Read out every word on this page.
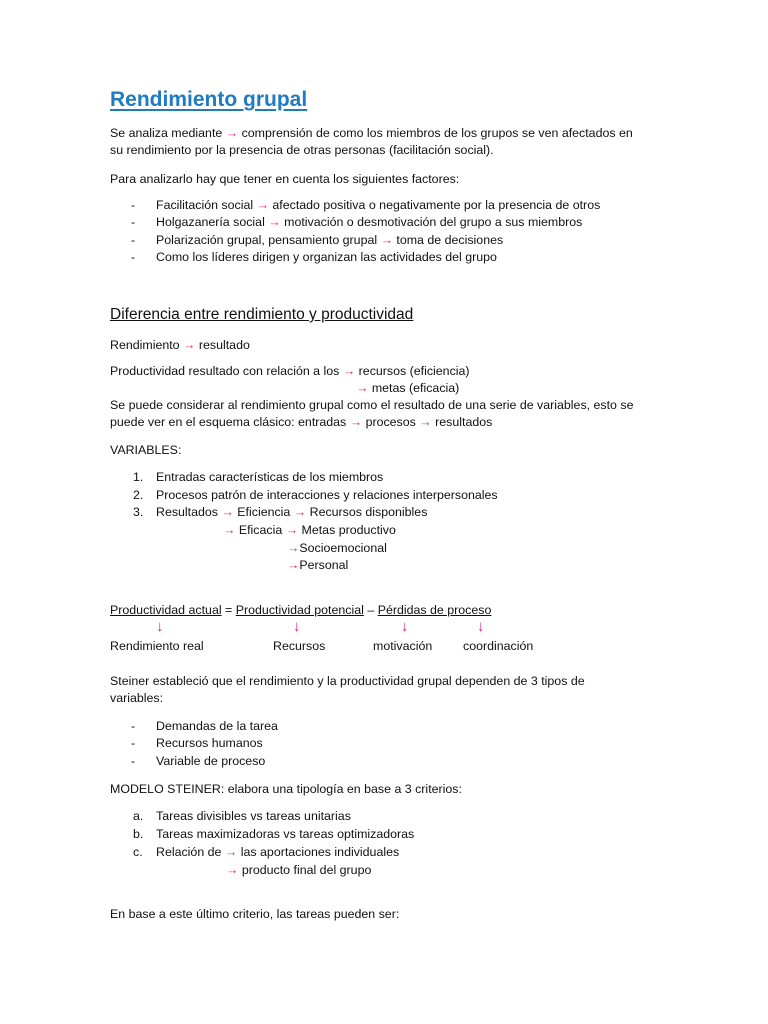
Rendimiento grupal
Se analiza mediante → comprensión de como los miembros de los grupos se ven afectados en
su rendimiento por la presencia de otras personas (facilitación social).
Para analizarlo hay que tener en cuenta los siguientes factores:
- Facilitación social → afectado positiva o negativamente por la presencia de otros
- Holgazanería social → motivación o desmotivación del grupo a sus miembros
- Polarización grupal, pensamiento grupal → toma de decisiones
- Como los líderes dirigen y organizan las actividades del grupo
Diferencia entre rendimiento y productividad
Rendimiento → resultado
Productividad resultado con relación a los → recursos (eficiencia)
→ metas (eficacia)
Se puede considerar al rendimiento grupal como el resultado de una serie de variables, esto se
puede ver en el esquema clásico: entradas → procesos → resultados
VARIABLES:
1. Entradas características de los miembros
2. Procesos patrón de interacciones y relaciones interpersonales
3. Resultados → Eficiencia → Recursos disponibles
→ Eficacia → Metas productivo
→Socioemocional
→Personal
Productividad actual = Productividad potencial – Pérdidas de proceso
↓	↓	↓	↓
Rendimiento real	Recursos	motivación coordinación
Steiner estableció que el rendimiento y la productividad grupal dependen de 3 tipos de
variables:
- Demandas de la tarea
- Recursos humanos
- Variable de proceso
MODELO STEINER: elabora una tipología en base a 3 criterios:
a. Tareas divisibles vs tareas unitarias
b. Tareas maximizadoras vs tareas optimizadoras
c. Relación de → las aportaciones individuales
→ producto final del grupo
En base a este último criterio, las tareas pueden ser:
